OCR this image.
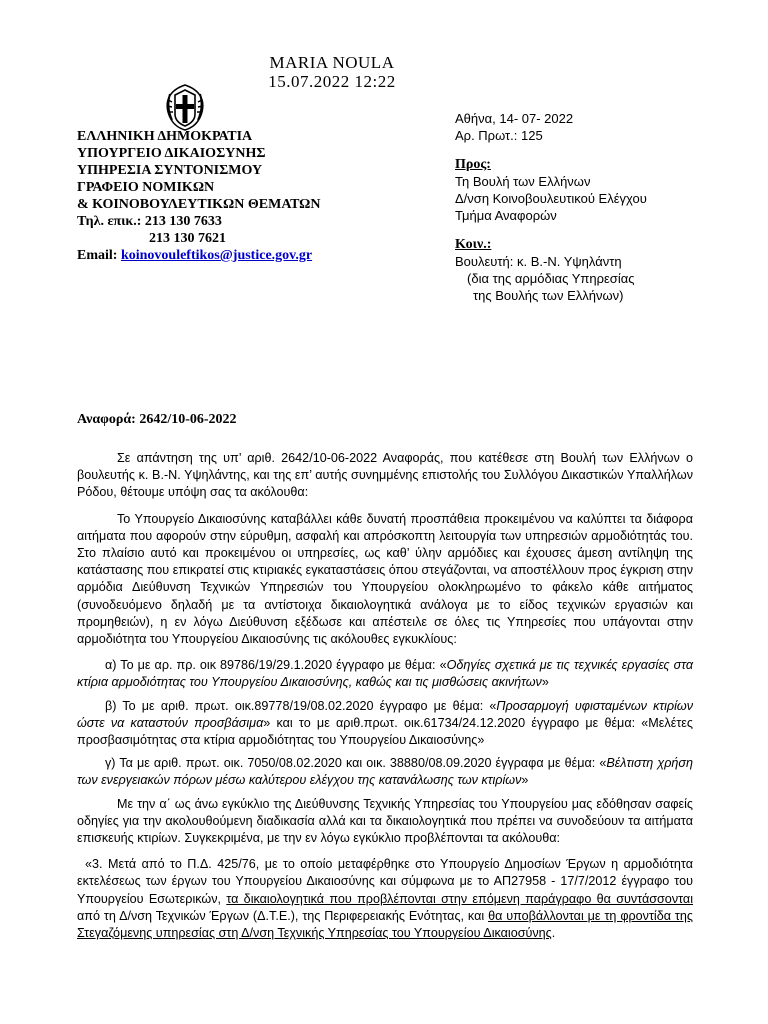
MARIA NOULA
15.07.2022 12:22
ΕΛΛΗΝΙΚΗ ΔΗΜΟΚΡΑΤΙΑ
ΥΠΟΥΡΓΕΙΟ ΔΙΚΑΙΟΣΥΝΗΣ
ΥΠΗΡΕΣΙΑ ΣΥΝΤΟΝΙΣΜΟΥ
ΓΡΑΦΕΙΟ ΝΟΜΙΚΩΝ
& ΚΟΙΝΟΒΟΥΛΕΥΤΙΚΩΝ ΘΕΜΑΤΩΝ
Τηλ. επικ.: 213 130 7633
213 130 7621
Email: koinovouleftikos@justice.gov.gr
Αθήνα, 14- 07- 2022
Αρ. Πρωτ.: 125
Προς:
Τη Βουλή των Ελλήνων
Δ/νση Κοινοβουλευτικού Ελέγχου
Τμήμα Αναφορών
Κοιν.:
Βουλευτή: κ. Β.-Ν. Υψηλάντη
(δια της αρμόδιας Υπηρεσίας
της Βουλής των Ελλήνων)
Αναφορά: 2642/10-06-2022

Σε απάντηση της υπ’ αριθ. 2642/10-06-2022 Αναφοράς, που κατέθεσε στη Βουλή των Ελλήνων ο βουλευτής κ. Β.-Ν. Υψηλάντης, και της επ’ αυτής συνημμένης επιστολής του Συλλόγου Δικαστικών Υπαλλήλων Ρόδου, θέτουμε υπόψη σας τα ακόλουθα:

Το Υπουργείο Δικαιοσύνης καταβάλλει κάθε δυνατή προσπάθεια προκειμένου να καλύπτει τα διάφορα αιτήματα που αφορούν στην εύρυθμη, ασφαλή και απρόσκοπτη λειτουργία των υπηρεσιών αρμοδιότητάς του. Στο πλαίσιο αυτό και προκειμένου οι υπηρεσίες, ως καθ’ ύλην αρμόδιες και έχουσες άμεση αντίληψη της κατάστασης που επικρατεί στις κτιριακές εγκαταστάσεις όπου στεγάζονται, να αποστέλλουν προς έγκριση στην αρμόδια Διεύθυνση Τεχνικών Υπηρεσιών του Υπουργείου ολοκληρωμένο το φάκελο κάθε αιτήματος (συνοδευόμενο δηλαδή με τα αντίστοιχα δικαιολογητικά ανάλογα με το είδος τεχνικών εργασιών και προμηθειών), η εν λόγω Διεύθυνση εξέδωσε και απέστειλε σε όλες τις Υπηρεσίες που υπάγονται στην αρμοδιότητα του Υπουργείου Δικαιοσύνης τις ακόλουθες εγκυκλίους:

α) Το με αρ. πρ. οικ 89786/19/29.1.2020 έγγραφο με θέμα: «Οδηγίες σχετικά με τις τεχνικές εργασίες στα κτίρια αρμοδιότητας του Υπουργείου Δικαιοσύνης, καθώς και τις μισθώσεις ακινήτων»

β) Το με αριθ. πρωτ. οικ.89778/19/08.02.2020 έγγραφο με θέμα: «Προσαρμογή υφισταμένων κτιρίων ώστε να καταστούν προσβάσιμα» και το με αριθ.πρωτ. οικ.61734/24.12.2020 έγγραφο με θέμα: «Μελέτες προσβασιμότητας στα κτίρια αρμοδιότητας του Υπουργείου Δικαιοσύνης»

γ) Τα με αριθ. πρωτ. οικ. 7050/08.02.2020 και οικ. 38880/08.09.2020 έγγραφα με θέμα: «Βέλτιστη χρήση των ενεργειακών πόρων μέσω καλύτερου ελέγχου της κατανάλωσης των κτιρίων»

Με την α΄ ως άνω εγκύκλιο της Διεύθυνσης Τεχνικής Υπηρεσίας του Υπουργείου μας εδόθησαν σαφείς οδηγίες για την ακολουθούμενη διαδικασία αλλά και τα δικαιολογητικά που πρέπει να συνοδεύουν τα αιτήματα επισκευής κτιρίων. Συγκεκριμένα, με την εν λόγω εγκύκλιο προβλέπονται τα ακόλουθα:

«3. Μετά από το Π.Δ. 425/76, με το οποίο μεταφέρθηκε στο Υπουργείο Δημοσίων Έργων η αρμοδιότητα εκτελέσεως των έργων του Υπουργείου Δικαιοσύνης και σύμφωνα με το ΑΠ27958 - 17/7/2012 έγγραφο του Υπουργείου Εσωτερικών, τα δικαιολογητικά που προβλέπονται στην επόμενη παράγραφο θα συντάσσονται από τη Δ/νση Τεχνικών Έργων (Δ.Τ.Ε.), της Περιφερειακής Ενότητας, και θα υποβάλλονται με τη φροντίδα της Στεγαζόμενης υπηρεσίας στη Δ/νση Τεχνικής Υπηρεσίας του Υπουργείου Δικαιοσύνης.
